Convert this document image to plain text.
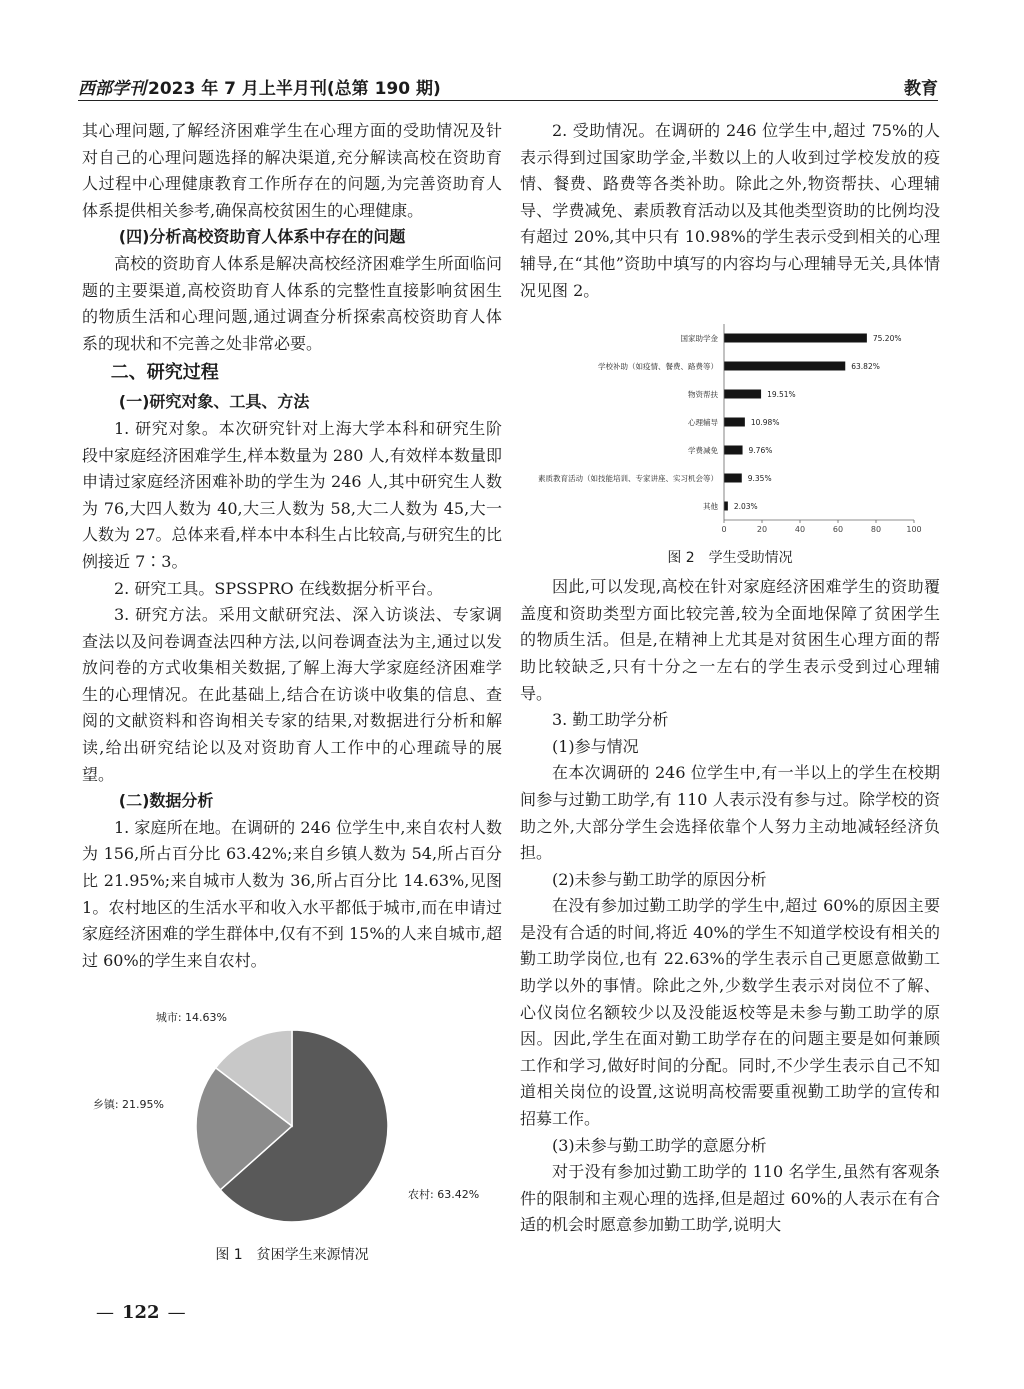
西部学刊 2023 年 7 月上半月刊(总第 190 期)	教育

其心理问题,了解经济困难学生在心理方面的受助情况及针对自己的心理问题选择的解决渠道,充分解读高校在资助育人过程中心理健康教育工作所存在的问题,为完善资助育人体系提供相关参考,确保高校贫困生的心理健康。

(四)分析高校资助育人体系中存在的问题

高校的资助育人体系是解决高校经济困难学生所面临问题的主要渠道,高校资助育人体系的完整性直接影响贫困生的物质生活和心理问题,通过调查分析探索高校资助育人体系的现状和不完善之处非常必要。

二、研究过程
(一)研究对象、工具、方法

1. 研究对象。本次研究针对上海大学本科和研究生阶段中家庭经济困难学生,样本数量为 280 人,有效样本数量即申请过家庭经济困难补助的学生为 246 人,其中研究生人数为 76,大四人数为 40,大三人数为 58,大二人数为 45,大一人数为 27。总体来看,样本中本科生占比较高,与研究生的比例接近 7∶3。

2. 研究工具。SPSSPRO 在线数据分析平台。

3. 研究方法。采用文献研究法、深入访谈法、专家调查法以及问卷调查法四种方法,以问卷调查法为主,通过以发放问卷的方式收集相关数据,了解上海大学家庭经济困难学生的心理情况。在此基础上,结合在访谈中收集的信息、查阅的文献资料和咨询相关专家的结果,对数据进行分析和解读,给出研究结论以及对资助育人工作中的心理疏导的展望。

(二)数据分析

1. 家庭所在地。在调研的 246 位学生中,来自农村人数为 156,所占百分比 63.42%;来自乡镇人数为 54,所占百分比 21.95%;来自城市人数为 36,所占百分比 14.63%,见图 1。农村地区的生活水平和收入水平都低于城市,而在申请过家庭经济困难的学生群体中,仅有不到 15%的人来自城市,超过 60%的学生来自农村。

农村: 63.42%
乡镇: 21.95%
城市: 14.63%
图 1　贫困学生来源情况

2. 受助情况。在调研的 246 位学生中,超过 75%的人表示得到过国家助学金,半数以上的人收到过学校发放的疫情、餐费、路费等各类补助。除此之外,物资帮扶、心理辅导、学费减免、素质教育活动以及其他类型资助的比例均没有超过 20%,其中只有 10.98%的学生表示受到相关的心理辅导,在“其他”资助中填写的内容均与心理辅导无关,具体情况见图 2。

国家助学金	75.20%
学校补助（如疫情、餐费、路费等）	63.82%
物资帮扶	19.51%
心理辅导	10.98%
学费减免	9.76%
素质教育活动（如技能培训、专家讲座、实习机会等）	9.35%
其他 2.03%
0	20	40	60	80	100
图 2　学生受助情况

因此,可以发现,高校在针对家庭经济困难学生的资助覆盖度和资助类型方面比较完善,较为全面地保障了贫困学生的物质生活。但是,在精神上尤其是对贫困生心理方面的帮助比较缺乏,只有十分之一左右的学生表示受到过心理辅导。

3. 勤工助学分析

(1)参与情况

在本次调研的 246 位学生中,有一半以上的学生在校期间参与过勤工助学,有 110 人表示没有参与过。除学校的资助之外,大部分学生会选择依靠个人努力主动地减轻经济负担。

(2)未参与勤工助学的原因分析

在没有参加过勤工助学的学生中,超过 60%的原因主要是没有合适的时间,将近 40%的学生不知道学校设有相关的勤工助学岗位,也有 22.63%的学生表示自己更愿意做勤工助学以外的事情。除此之外,少数学生表示对岗位不了解、心仪岗位名额较少以及没能返校等是未参与勤工助学的原因。因此,学生在面对勤工助学存在的问题主要是如何兼顾工作和学习,做好时间的分配。同时,不少学生表示自己不知道相关岗位的设置,这说明高校需要重视勤工助学的宣传和招募工作。

(3)未参与勤工助学的意愿分析

对于没有参加过勤工助学的 110 名学生,虽然有客观条件的限制和主观心理的选择,但是超过 60%的人表示在有合适的机会时愿意参加勤工助学,说明大

— 122 —
